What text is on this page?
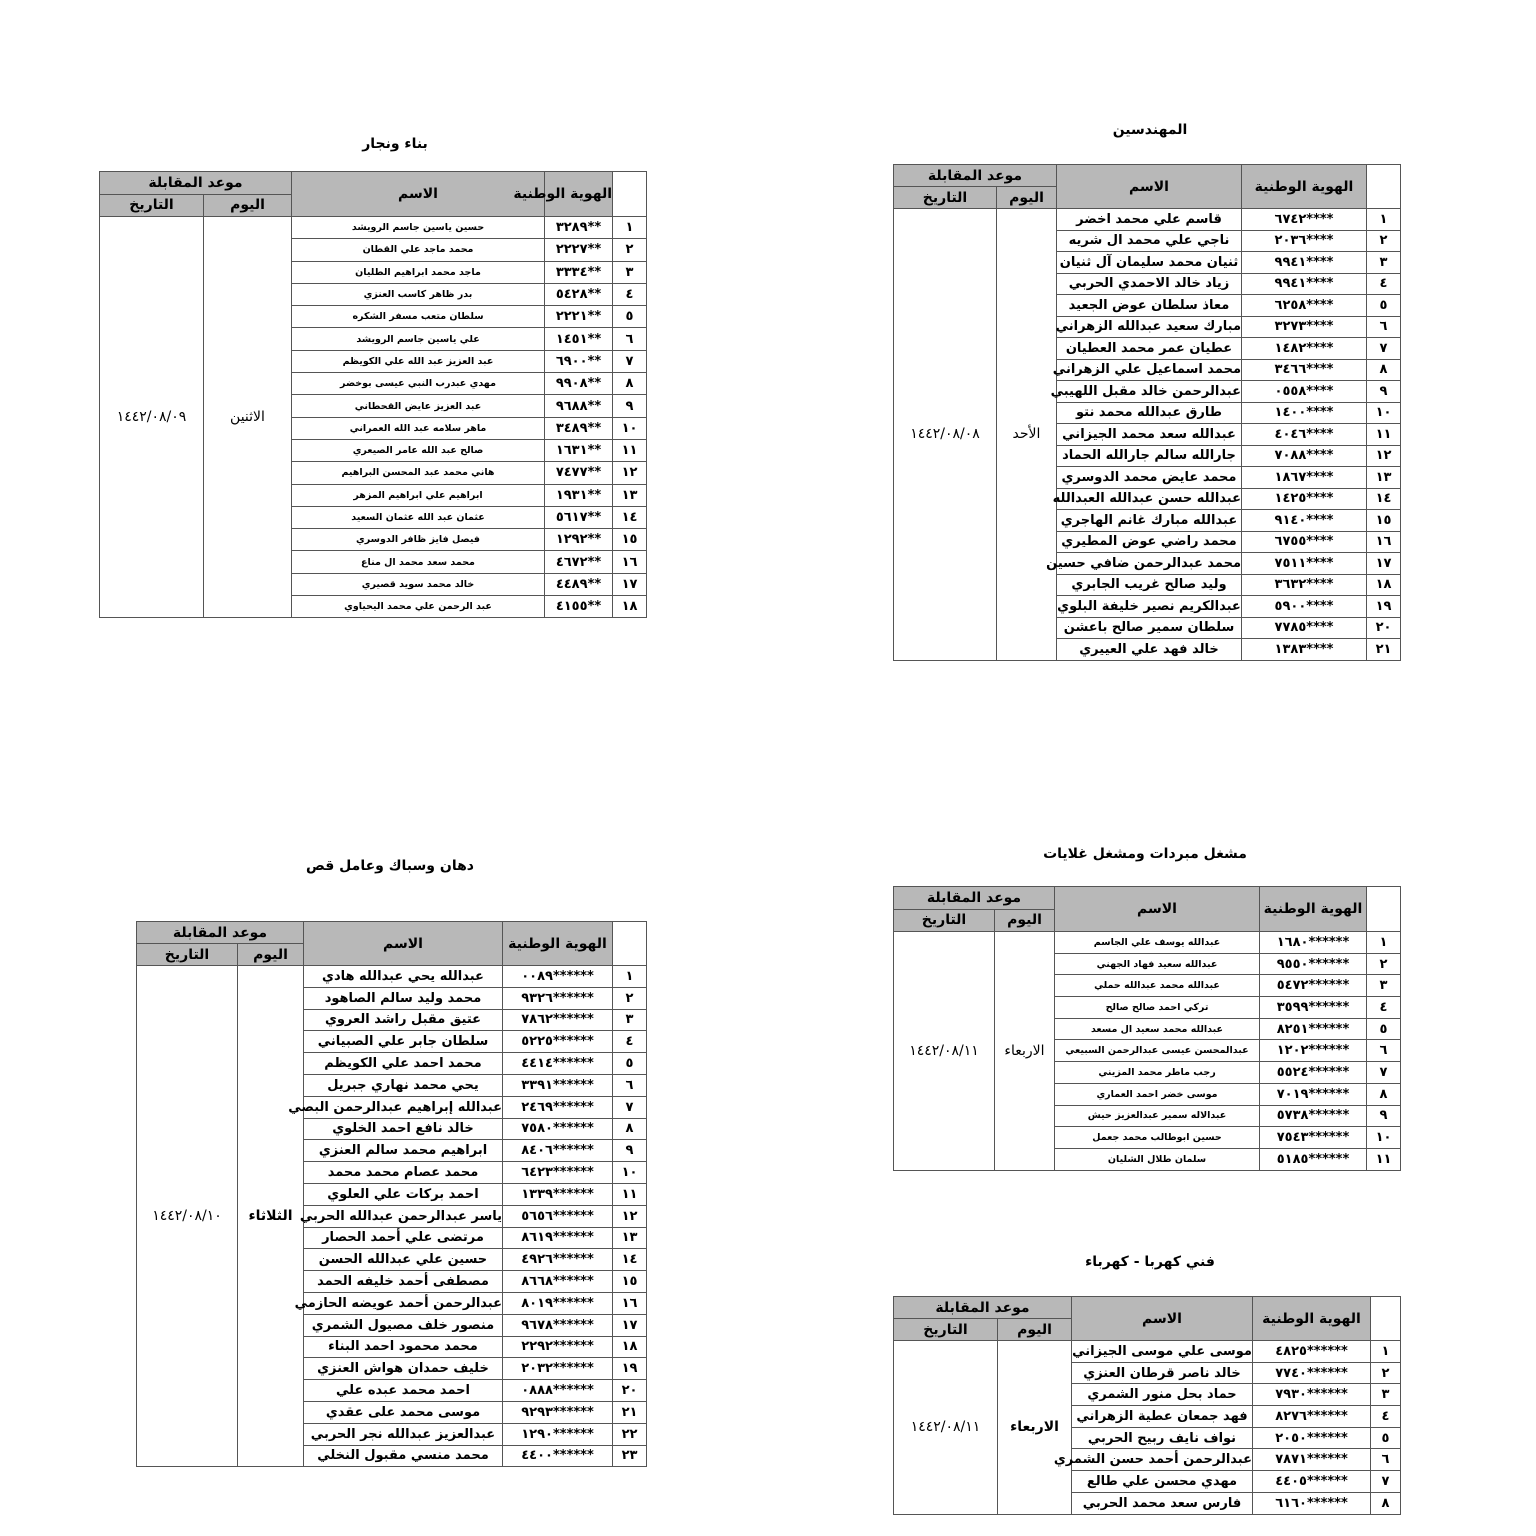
المهندسين
	الهوية الوطنية	الاسم	موعد المقابلة	
			اليوم	التاريخ
١	****٦٧٤٢	قاسم علي محمد اخضر	الأحد	١٤٤٢/٠٨/٠٨
٢	****٢٠٣٦	ناجي علي محمد ال شريه		
٣	****٩٩٤١	ثنيان محمد سليمان آل ثنيان		
٤	****٩٩٤١	زياد خالد الاحمدي الحربي		
٥	****٦٢٥٨	معاذ سلطان عوض الجعيد		
٦	****٣٢٧٣	مبارك سعيد عبدالله الزهراني		
٧	****١٤٨٢	عطيان عمر محمد العطيان		
٨	****٣٤٦٦	محمد اسماعيل علي الزهراني		
٩	****٠٥٥٨	عبدالرحمن خالد مقبل اللهيبي		
١٠	****١٤٠٠	طارق عبدالله محمد نتو		
١١	****٤٠٤٦	عبدالله سعد محمد الجيزاني		
١٢	****٧٠٨٨	جارالله سالم جارالله الحماد		
١٣	****١٨٦٧	محمد عايض محمد الدوسري		
١٤	****١٤٢٥	عبدالله حسن عبدالله العبدالله		
١٥	****٩١٤٠	عبدالله مبارك غانم الهاجري		
١٦	****٦٧٥٥	محمد راضي عوض المطيري		
١٧	****٧٥١١	محمد عبدالرحمن ضافي حسين		
١٨	****٣٦٣٢	وليد صالح غريب الجابري		
١٩	****٥٩٠٠	عبدالكريم نصير خليفة البلوي		
٢٠	****٧٧٨٥	سلطان سمير صالح باعشن		
٢١	****١٣٨٣	خالد فهد علي العييري		
بناء ونجار
	الهوية الوطنية	الاسم	موعد المقابلة	
			اليوم	التاريخ
١	**٣٢٨٩	حسين ياسين جاسم الرويشد	الاثنين	١٤٤٢/٠٨/٠٩
٢	**٢٢٢٧	محمد ماجد علي القطان		
٣	**٣٣٣٤	ماجد محمد ابراهيم الطليان		
٤	**٥٤٢٨	بدر ظاهر كاسب العنزي		
٥	**٢٢٢١	سلطان متعب مسفر الشكره		
٦	**١٤٥١	علي ياسين جاسم الرويشد		
٧	**٦٩٠٠	عبد العزيز عبد الله علي الكويظم		
٨	**٩٩٠٨	مهدي عبدرب النبي عيسى بوخضر		
٩	**٩٦٨٨	عبد العزيز عايض القحطاني		
١٠	**٣٤٨٩	ماهر سلامه عبد الله العمراني		
١١	**١٦٣١	صالح عبد الله عامر الصيعري		
١٢	**٧٤٧٧	هاني محمد عبد المحسن البراهيم		
١٣	**١٩٣١	ابراهيم علي ابراهيم المزهر		
١٤	**٥٦١٧	عثمان عبد الله عثمان السعيد		
١٥	**١٢٩٢	فيصل فايز ظافر الدوسري		
١٦	**٤٦٧٢	محمد سعد محمد ال مناع		
١٧	**٤٤٨٩	خالد محمد سويد قصيري		
١٨	**٤١٥٥	عبد الرحمن علي محمد اليحياوي		
مشغل مبردات ومشغل غلايات
	الهوية الوطنية	الاسم	موعد المقابلة	
			اليوم	التاريخ
١	******١٦٨٠	عبدالله يوسف علي الجاسم	الاربعاء	١٤٤٢/٠٨/١١
٢	******٩٥٥٠	عبدالله سعيد فهاد الجهني		
٣	******٥٤٧٢	عبدالله محمد عبدالله حملي		
٤	******٣٥٩٩	تركي احمد صالح صالح		
٥	******٨٢٥١	عبدالله محمد سعيد ال مسعد		
٦	******١٢٠٢	عبدالمحسن عيسى عبدالرحمن السبيعي		
٧	******٥٥٢٤	رجب ماطر محمد المزيني		
٨	******٧٠١٩	موسى خضر احمد العماري		
٩	******٥٧٣٨	عبدالاله سمير عبدالعزيز حيش		
١٠	******٧٥٤٣	حسين ابوطالب محمد جعمل		
١١	******٥١٨٥	سلمان طلال الشليان		
دهان وسباك وعامل قص
	الهوية الوطنية	الاسم	موعد المقابلة	
			اليوم	التاريخ
١	******٠٠٨٩	عبدالله يحي عبدالله هادي	الثلاثاء	١٤٤٢/٠٨/١٠
٢	******٩٣٢٦	محمد وليد سالم الصاهود		
٣	******٧٨٦٢	عتيق مقبل راشد العروي		
٤	******٥٢٢٥	سلطان جابر علي الصبياني		
٥	******٤٤١٤	محمد احمد علي الكويظم		
٦	******٣٣٩١	يحي محمد نهاري جبريل		
٧	******٢٤٦٩	عبدالله إبراهيم عبدالرحمن البصي		
٨	******٧٥٨٠	خالد نافع احمد الخلوي		
٩	******٨٤٠٦	ابراهيم محمد سالم العنزي		
١٠	******٦٤٢٣	محمد عصام محمد محمد		
١١	******١٣٣٩	احمد بركات علي العلوي		
١٢	******٥٦٥٦	ياسر عبدالرحمن عبدالله الحربي		
١٣	******٨٦١٩	مرتضى علي أحمد الحصار		
١٤	******٤٩٢٦	حسين علي عبدالله الحسن		
١٥	******٨٦٦٨	مصطفى أحمد خليفه الحمد		
١٦	******٨٠١٩	عبدالرحمن أحمد عويضه الحازمي		
١٧	******٩٦٧٨	منصور خلف مصيول الشمري		
١٨	******٢٢٩٢	محمد محمود احمد البناء		
١٩	******٢٠٣٢	خليف حمدان هواش العنزي		
٢٠	******٠٨٨٨	احمد محمد عبده علي		
٢١	******٩٢٩٣	موسى محمد على عقدي		
٢٢	******١٢٩٠	عبدالعزيز عبدالله نجر الحربي		
٢٣	******٤٤٠٠	محمد منسي مقبول النخلي		
فني كهربا - كهرباء
	الهوية الوطنية	الاسم	موعد المقابلة	
			اليوم	التاريخ
١	******٤٨٢٥	موسى علي موسى الجيزاني	الاربعاء	١٤٤٢/٠٨/١١
٢	******٧٧٤٠	خالد ناصر قرطان العنزي		
٣	******٧٩٣٠	حماد بحل منور الشمري		
٤	******٨٢٧٦	فهد جمعان عطية الزهراني		
٥	******٢٠٥٠	نواف نايف ربيح الحربي		
٦	******٧٨٧١	عبدالرحمن أحمد حسن الشمري		
٧	******٤٤٠٥	مهدي محسن علي طالع		
٨	******٦١٦٠	فارس سعد محمد الحربي		
